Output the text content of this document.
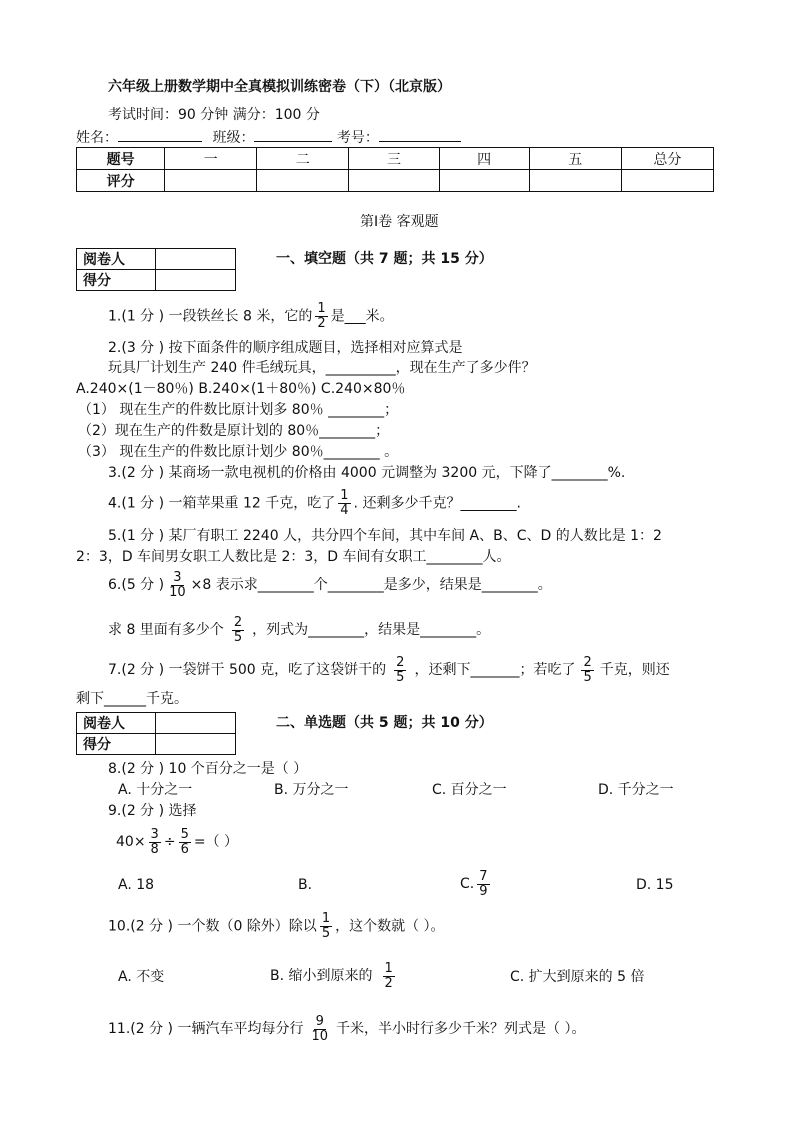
六年级上册数学期中全真模拟训练密卷（下）（北京版）
考试时间：90 分钟 满分：100 分
姓名：	班级：	考号：
题号	一	二	三	四	五	总分
评分						
第Ⅰ卷 客观题
阅卷人	
得分	
一、填空题（共 7 题；共 15 分）
1.(1 分 ) 一段铁丝长 8 米，它的 $\frac{1}{2}$ 是___米。
2.(3 分 ) 按下面条件的顺序组成题目，选择相对应算式是
玩具厂计划生产 240 件毛绒玩具，__________，现在生产了多少件？
A.240×(1－80％) B.240×(1＋80％) C.240×80％
（1） 现在生产的件数比原计划多 80％ ________；
（2）现在生产的件数是原计划的 80％________；
（3） 现在生产的件数比原计划少 80％________ 。
3.(2 分 ) 某商场一款电视机的价格由 4000 元调整为 3200 元，下降了________%.
4.(1 分 ) 一箱苹果重 12 千克，吃了 $\frac{1}{4}$ . 还剩多少千克？________.
5.(1 分 ) 某厂有职工 2240 人，共分四个车间，其中车间 A、B、C、D 的人数比是 1：2
2：3，D 车间男女职工人数比是 2：3，D 车间有女职工________人。
6.(5 分 ) $\frac{3}{10} \times 8$ 表示求________个________是多少，结果是________。
求 8 里面有多少个 $\frac{2}{5}$ ，列式为________，结果是________。
7.(2 分 ) 一袋饼干 500 克，吃了这袋饼干的 $\frac{2}{5}$ ，还剩下_______；若吃了 $\frac{2}{5}$ 千克，则还
剩下______千克。
阅卷人	
得分	
二、单选题（共 5 题；共 10 分）
8.(2 分 ) 10 个百分之一是（ ）
A. 十分之一	B. 万分之一	C. 百分之一	D. 千分之一
9.(2 分 ) 选择
$40\times \frac{3}{8} \div \frac{5}{6}$ =（ ）
A. 18	B.	C. $\frac{7}{9}$	D. 15
10.(2 分 ) 一个数（0 除外）除以 $\frac{1}{5}$ ，这个数就（ ）。
A. 不变	B. 缩小到原来的 $\frac{1}{2}$	C. 扩大到原来的 5 倍
11.(2 分 ) 一辆汽车平均每分行 $\frac{9}{10}$ 千米，半小时行多少千米？列式是（ ）。
